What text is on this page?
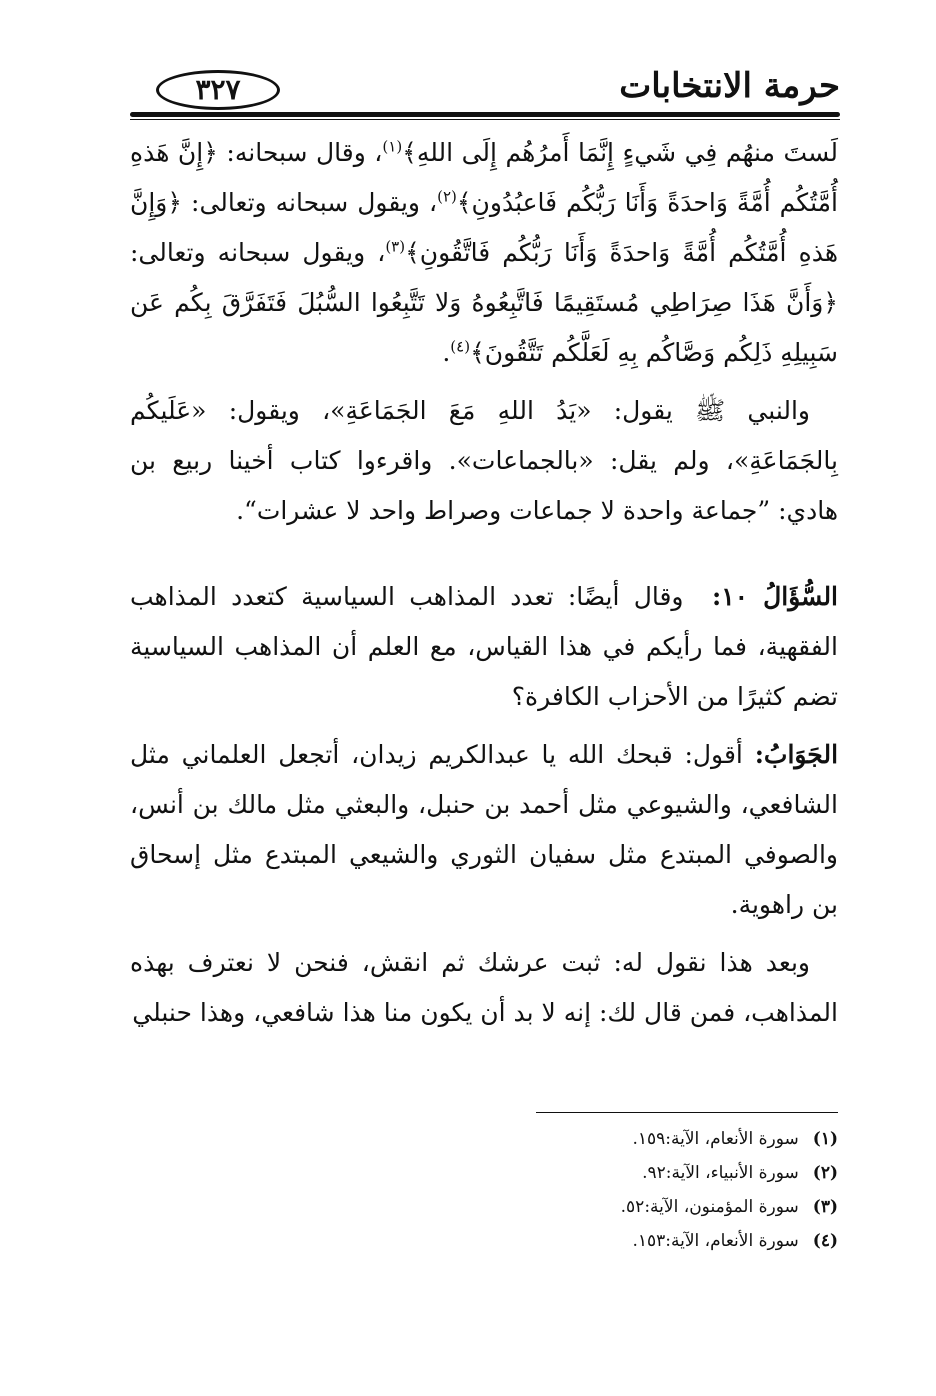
حرمة الانتخابات
٣٢٧

لَستَ منهُم فِي شَيءٍ إِنَّمَا أَمرُهُم إِلَى اللهِ﴾$^{(١)}$، وقال سبحانه: ﴿إِنَّ هَذهِ أُمَّتُكُم أُمَّةً وَاحدَةً وَأَنَا رَبُّكُم فَاعبُدُونِ﴾$^{(٢)}$، ويقول سبحانه وتعالى: ﴿وَإِنَّ هَذهِ أُمَّتُكُم أُمَّةً وَاحدَةً وَأَنَا رَبُّكُم فَاتَّقُونِ﴾$^{(٣)}$، ويقول سبحانه وتعالى: ﴿وَأَنَّ هَذَا صِرَاطِي مُستَقِيمًا فَاتَّبِعُوهُ وَلا تَتَّبِعُوا السُّبُلَ فَتَفَرَّقَ بِكُم عَن سَبِيلِهِ ذَلِكُم وَصَّاكُم بِهِ لَعَلَّكُم تَتَّقُونَ﴾$^{(٤)}$.

والنبي ﷺ يقول: «يَدُ اللهِ مَعَ الجَمَاعَةِ»، ويقول: «عَلَيكُم بِالجَمَاعَةِ»، ولم يقل: «بالجماعات». واقرءوا كتاب أخينا ربيع بن هادي: ”جماعة واحدة لا جماعات وصراط واحد لا عشرات“.

السُّؤَالُ ١٠:  وقال أيضًا: تعدد المذاهب السياسية كتعدد المذاهب الفقهية، فما رأيكم في هذا القياس، مع العلم أن المذاهب السياسية تضم كثيرًا من الأحزاب الكافرة؟

الجَوَابُ: أقول: قبحك الله يا عبدالكريم زيدان، أتجعل العلماني مثل الشافعي، والشيوعي مثل أحمد بن حنبل، والبعثي مثل مالك بن أنس، والصوفي المبتدع مثل سفيان الثوري والشيعي المبتدع مثل إسحاق بن راهوية.

وبعد هذا نقول له: ثبت عرشك ثم انقش، فنحن لا نعترف بهذه المذاهب، فمن قال لك: إنه لا بد أن يكون منا هذا شافعي، وهذا حنبلي

(١)
سورة الأنعام، الآية:١٥٩.
(٢)
سورة الأنبياء، الآية:٩٢.
(٣)
سورة المؤمنون، الآية:٥٢.
(٤)
سورة الأنعام، الآية:١٥٣.
